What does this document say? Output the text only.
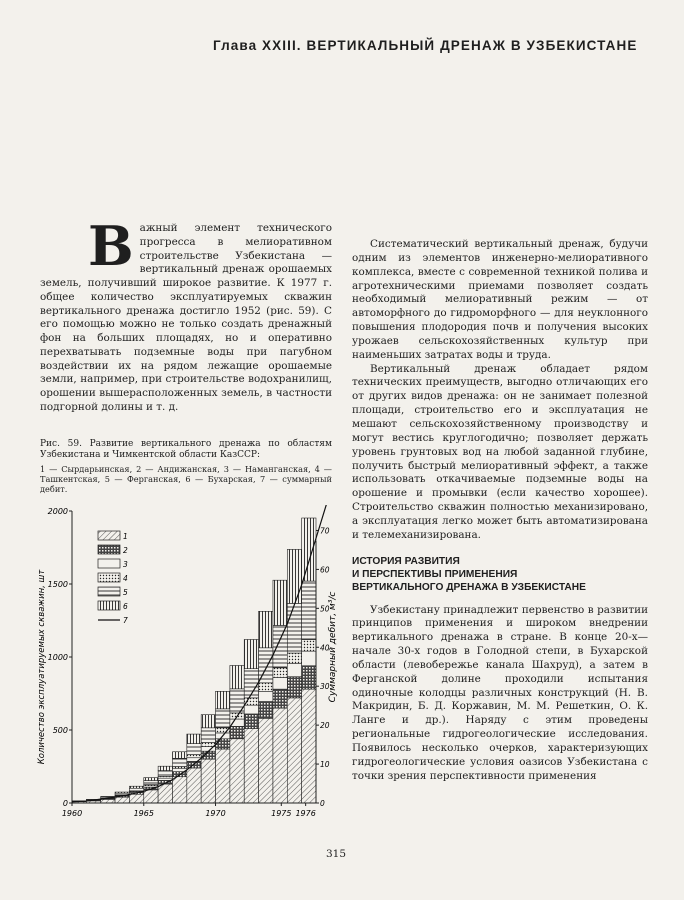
Глава XXIII. ВЕРТИКАЛЬНЫЙ ДРЕНАЖ В УЗБЕКИСТАНЕ
В ажный элемент технического прогресса в мелиоративном строительстве Узбекистана — вертикальный дренаж орошаемых земель, получивший широкое развитие. К 1977 г. общее количество эксплуатируемых скважин вертикального дренажа достигло 1952 (рис. 59). С его помощью можно не только создать дренажный фон на больших площадях, но и оперативно перехватывать подземные воды при пагубном воздействии их на рядом лежащие орошаемые земли, например, при строительстве водохранилищ, орошении вышерасположенных земель, в частности подгорной долины и т. д.

Рис. 59. Развитие вертикального дренажа по областям Узбекистана и Чимкентской области КазССР:

1 — Сырдарьинская, 2 — Андижанская, 3 — Наманганская, 4 — Ташкентская, 5 — Ферганская, 6 — Бухарская, 7 — суммарный дебит.

0
500
1000
1500
2000
0
10
20
30
40
50
60
70
1960	1965	1970	1975 1976
Количество эксплуатируемых скважин, шт	Суммарный дебит, м³/с
1
2
3
4
5
6
7

Систематический вертикальный дренаж, будучи одним из элементов инженерно-мелиоративного комплекса, вместе с современной техникой полива и агротехническими приемами позволяет создать необходимый мелиоративный режим — от автоморфного до гидроморфного — для неуклонного повышения плодородия почв и получения высоких урожаев сельскохозяйственных культур при наименьших затратах воды и труда.

Вертикальный дренаж обладает рядом технических преимуществ, выгодно отличающих его от других видов дренажа: он не занимает полезной площади, строительство его и эксплуатация не мешают сельскохозяйственному производству и могут вестись круглогодично; позволяет держать уровень грунтовых вод на любой заданной глубине, получить быстрый мелиоративный эффект, а также использовать откачиваемые подземные воды на орошение и промывки (если качество хорошее). Строительство скважин полностью механизировано, а эксплуатация легко может быть автоматизирована и телемеханизирована.

ИСТОРИЯ РАЗВИТИЯ
И ПЕРСПЕКТИВЫ ПРИМЕНЕНИЯ
ВЕРТИКАЛЬНОГО ДРЕНАЖА В УЗБЕКИСТАНЕ

Узбекистану принадлежит первенство в развитии принципов применения и широком внедрении вертикального дренажа в стране. В конце 20-х—начале 30-х годов в Голодной степи, в Бухарской области (левобережье канала Шахруд), а затем в Ферганской долине проходили испытания одиночные колодцы различных конструкций (Н. В. Макридин, Б. Д. Коржавин, М. М. Решеткин, О. К. Ланге и др.). Наряду с этим проведены региональные гидрогеологические исследования. Появилось несколько очерков, характеризующих гидрогеологические условия оазисов Узбекистана с точки зрения перспективности применения

315
